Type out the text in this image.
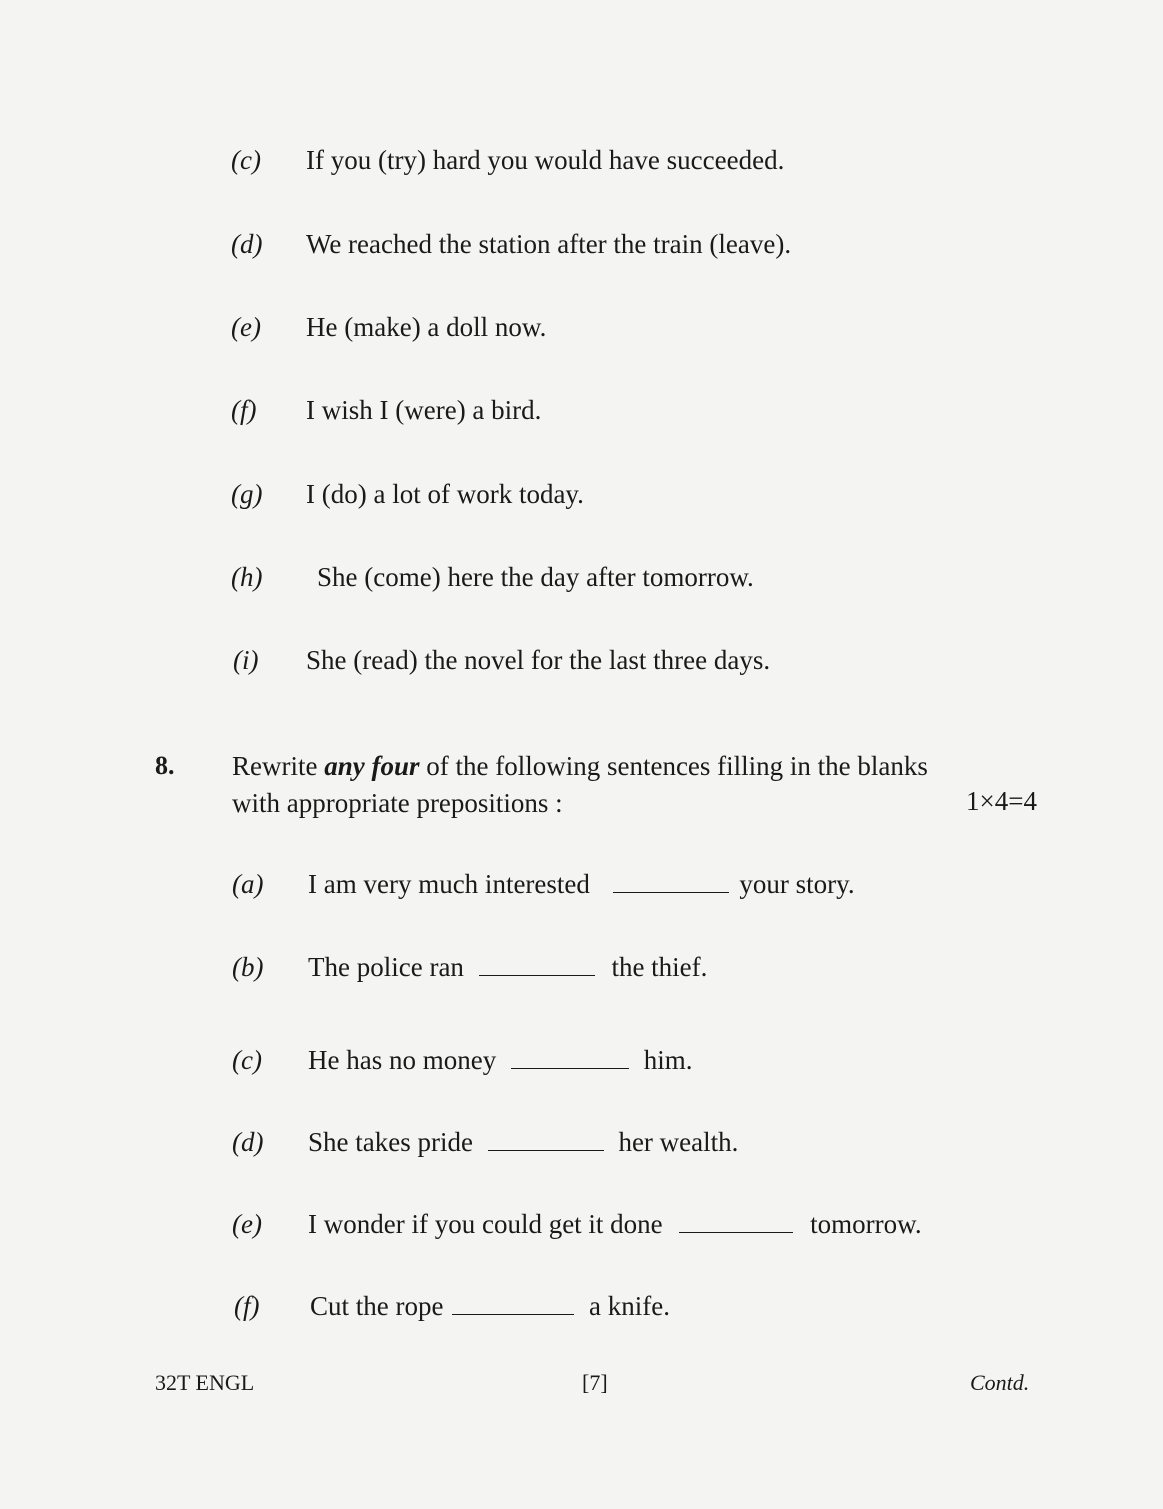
(c) If you (try) hard you would have succeeded.
(d) We reached the station after the train (leave).
(e) He (make) a doll now.
(f) I wish I (were) a bird.
(g) I (do) a lot of work today.
(h) She (come) here the day after tomorrow.
(i) She (read) the novel for the last three days.
8. Rewrite any four of the following sentences filling in the blanks
with appropriate prepositions :	1×4=4
(a) I am very much interested	your story.
(b) The police ran	the thief.
(c) He has no money	him.
(d) She takes pride	her wealth.
(e) I wonder if you could get it done	tomorrow.
(f) Cut the rope	a knife.
32T ENGL	[7]	Contd.
